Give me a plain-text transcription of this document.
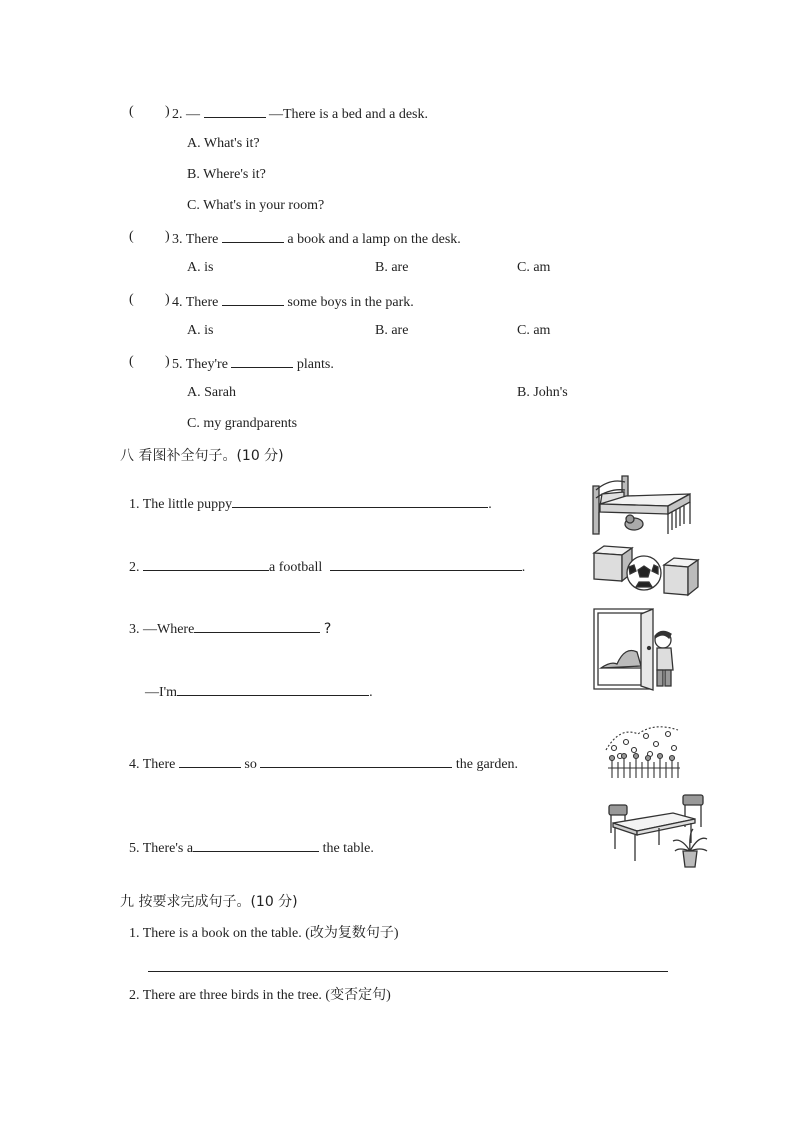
( ) 2. —	—There is a bed and a desk.
A. What's it?
B. Where's it?
C. What's in your room?
( ) 3. There	a book and a lamp on the desk.
A. is	B. are	C. am
( ) 4. There	some boys in the park.
A. is	B. are	C. am
( ) 5. They're	plants.
A. Sarah	B. John's
C. my grandparents
八 看图补全句子。(10 分)
1. The little puppy	.
2.	a football	.
3. —Where	?
—I'm	.
4. There	so	the garden.
5. There's a	the table.
九 按要求完成句子。(10 分)
1. There is a book on the table. (改为复数句子)
2. There are three birds in the tree. (变否定句)
